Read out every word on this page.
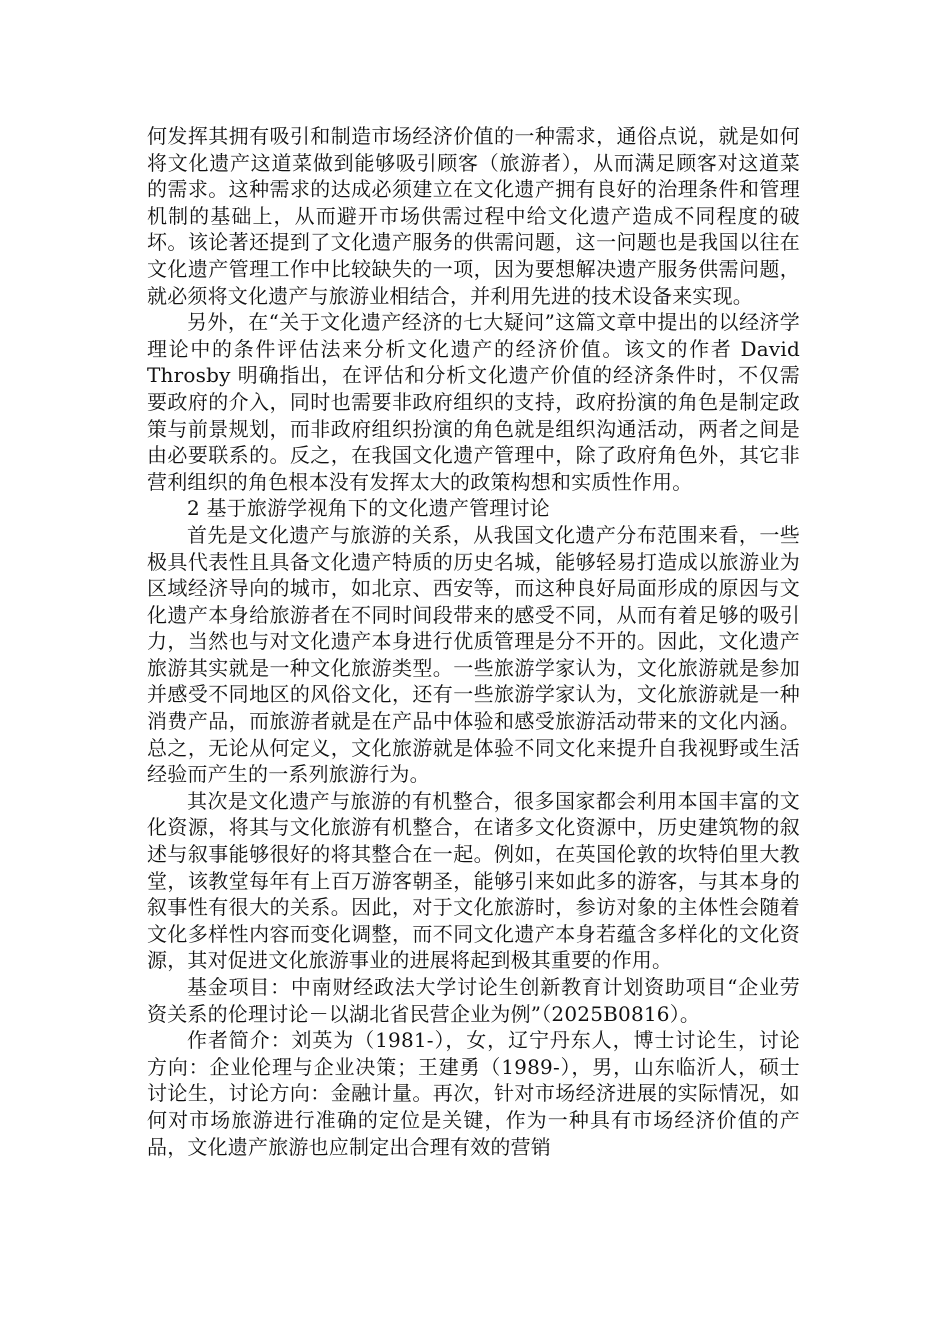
何发挥其拥有吸引和制造市场经济价值的一种需求，通俗点说，就是如何将文化遗产这道菜做到能够吸引顾客（旅游者），从而满足顾客对这道菜的需求。这种需求的达成必须建立在文化遗产拥有良好的治理条件和管理机制的基础上，从而避开市场供需过程中给文化遗产造成不同程度的破坏。该论著还提到了文化遗产服务的供需问题，这一问题也是我国以往在文化遗产管理工作中比较缺失的一项，因为要想解决遗产服务供需问题，就必须将文化遗产与旅游业相结合，并利用先进的技术设备来实现。

另外，在“关于文化遗产经济的七大疑问”这篇文章中提出的以经济学理论中的条件评估法来分析文化遗产的经济价值。该文的作者 David Throsby 明确指出，在评估和分析文化遗产价值的经济条件时，不仅需要政府的介入，同时也需要非政府组织的支持，政府扮演的角色是制定政策与前景规划，而非政府组织扮演的角色就是组织沟通活动，两者之间是由必要联系的。反之，在我国文化遗产管理中，除了政府角色外，其它非营利组织的角色根本没有发挥太大的政策构想和实质性作用。

2 基于旅游学视角下的文化遗产管理讨论

首先是文化遗产与旅游的关系，从我国文化遗产分布范围来看，一些极具代表性且具备文化遗产特质的历史名城，能够轻易打造成以旅游业为区域经济导向的城市，如北京、西安等，而这种良好局面形成的原因与文化遗产本身给旅游者在不同时间段带来的感受不同，从而有着足够的吸引力，当然也与对文化遗产本身进行优质管理是分不开的。因此，文化遗产旅游其实就是一种文化旅游类型。一些旅游学家认为，文化旅游就是参加并感受不同地区的风俗文化，还有一些旅游学家认为，文化旅游就是一种消费产品，而旅游者就是在产品中体验和感受旅游活动带来的文化内涵。总之，无论从何定义，文化旅游就是体验不同文化来提升自我视野或生活经验而产生的一系列旅游行为。

其次是文化遗产与旅游的有机整合，很多国家都会利用本国丰富的文化资源，将其与文化旅游有机整合，在诸多文化资源中，历史建筑物的叙述与叙事能够很好的将其整合在一起。例如，在英国伦敦的坎特伯里大教堂，该教堂每年有上百万游客朝圣，能够引来如此多的游客，与其本身的叙事性有很大的关系。因此，对于文化旅游时，参访对象的主体性会随着文化多样性内容而变化调整，而不同文化遗产本身若蕴含多样化的文化资源，其对促进文化旅游事业的进展将起到极其重要的作用。

基金项目：中南财经政法大学讨论生创新教育计划资助项目“企业劳资关系的伦理讨论－以湖北省民营企业为例”（2025B0816）。

作者简介：刘英为（1981-），女，辽宁丹东人，博士讨论生，讨论方向：企业伦理与企业决策；王建勇（1989-），男，山东临沂人，硕士讨论生，讨论方向：金融计量。再次，针对市场经济进展的实际情况，如何对市场旅游进行准确的定位是关键，作为一种具有市场经济价值的产品，文化遗产旅游也应制定出合理有效的营销
